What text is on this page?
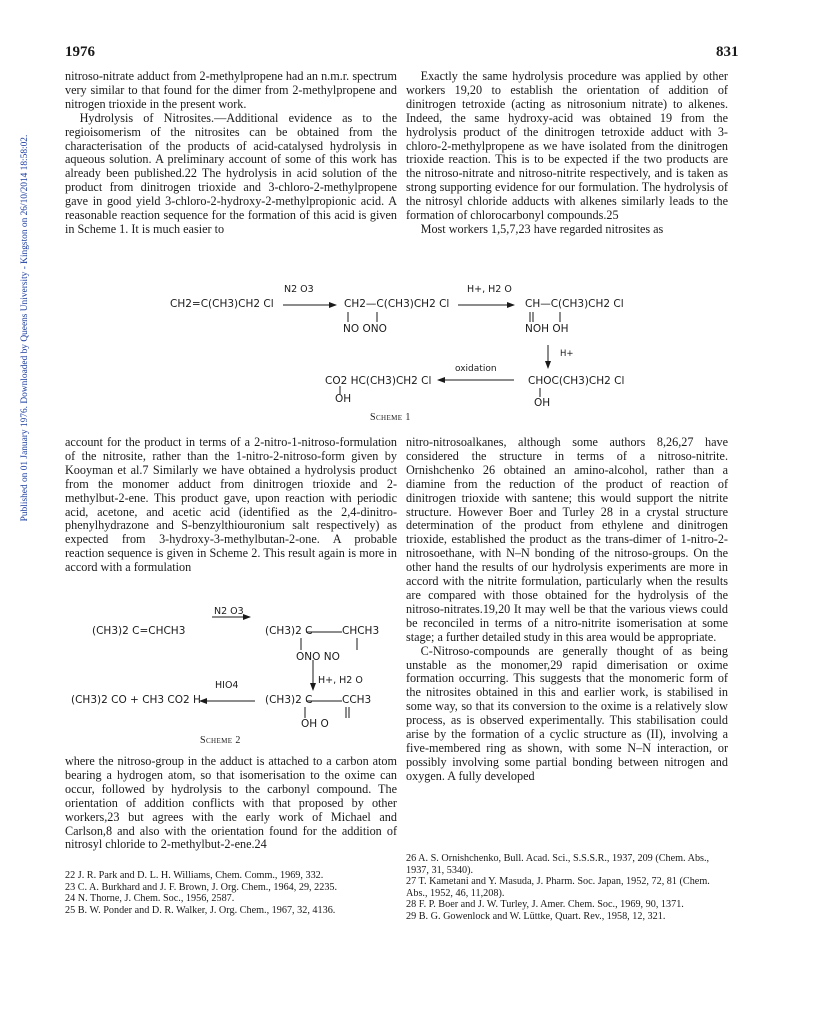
Published on 01 January 1976. Downloaded by Queens University - Kingston on 26/10/2014 18:58:02.
1976	831

nitroso-nitrate adduct from 2-methylpropene had an n.m.r. spectrum very similar to that found for the dimer from 2-methylpropene and nitrogen trioxide in the present work.

Hydrolysis of Nitrosites.—Additional evidence as to the regioisomerism of the nitrosites can be obtained from the characterisation of the products of acid-catalysed hydrolysis in aqueous solution. A preliminary account of some of this work has already been published.22 The hydrolysis in acid solution of the product from dinitrogen trioxide and 3-chloro-2-methylpropene gave in good yield 3-chloro-2-hydroxy-2-methylpropionic acid. A reasonable reaction sequence for the formation of this acid is given in Scheme 1. It is much easier to

Exactly the same hydrolysis procedure was applied by other workers 19,20 to establish the orientation of addition of dinitrogen tetroxide (acting as nitrosonium nitrate) to alkenes. Indeed, the same hydroxy-acid was obtained 19 from the hydrolysis product of the dinitrogen tetroxide adduct with 3-chloro-2-methylpropene as we have isolated from the dinitrogen trioxide reaction. This is to be expected if the two products are the nitroso-nitrate and nitroso-nitrite respectively, and is taken as strong supporting evidence for our formulation. The hydrolysis of the nitrosyl chloride adducts with alkenes similarly leads to the formation of chlorocarbonyl compounds.25

Most workers 1,5,7,23 have regarded nitrosites as

CH2=C(CH3)CH2 Cl
N2 O3
CH2—C(CH3)CH2 Cl
NO ONO
H+, H2 O
CH—C(CH3)CH2 Cl
NOH OH
H+
CHOC(CH3)CH2 Cl
OH
oxidation
CO2 HC(CH3)CH2 Cl
OH
Scheme 1
(CH3)2 C=CHCH3
N2 O3
(CH3)2 C	CHCH3
ONO NO
H+, H2 O
HIO4
(CH3)2 CO + CH3 CO2 H	(CH3)2 C	CCH3
OH O
Scheme 2

account for the product in terms of a 2-nitro-1-nitroso-formulation of the nitrosite, rather than the 1-nitro-2-nitroso-form given by Kooyman et al.7 Similarly we have obtained a hydrolysis product from the monomer adduct from dinitrogen trioxide and 2-methylbut-2-ene. This product gave, upon reaction with periodic acid, acetone, and acetic acid (identified as the 2,4-dinitro-phenylhydrazone and S-benzylthiouronium salt respectively) as expected from 3-hydroxy-3-methylbutan-2-one. A probable reaction sequence is given in Scheme 2. This result again is more in accord with a formulation

where the nitroso-group in the adduct is attached to a carbon atom bearing a hydrogen atom, so that isomerisation to the oxime can occur, followed by hydrolysis to the carbonyl compound. The orientation of addition conflicts with that proposed by other workers,23 but agrees with the early work of Michael and Carlson,8 and also with the orientation found for the addition of nitrosyl chloride to 2-methylbut-2-ene.24

nitro-nitrosoalkanes, although some authors 8,26,27 have considered the structure in terms of a nitroso-nitrite. Ornishchenko 26 obtained an amino-alcohol, rather than a diamine from the reduction of the product of reaction of dinitrogen trioxide with santene; this would support the nitrite structure. However Boer and Turley 28 in a crystal structure determination of the product from ethylene and dinitrogen trioxide, established the product as the trans-dimer of 1-nitro-2-nitrosoethane, with N–N bonding of the nitroso-groups. On the other hand the results of our hydrolysis experiments are more in accord with the nitrite formulation, particularly when the results are compared with those obtained for the hydrolysis of the nitroso-nitrates.19,20 It may well be that the various views could be reconciled in terms of a nitro-nitrite isomerisation at some stage; a further detailed study in this area would be appropriate.

C-Nitroso-compounds are generally thought of as being unstable as the monomer,29 rapid dimerisation or oxime formation occurring. This suggests that the monomeric form of the nitrosites obtained in this and earlier work, is stabilised in some way, so that its conversion to the oxime is a relatively slow process, as is observed experimentally. This stabilisation could arise by the formation of a cyclic structure as (II), involving a five-membered ring as shown, with some N–N interaction, or possibly involving some partial bonding between nitrogen and oxygen. A fully developed

22 J. R. Park and D. L. H. Williams, Chem. Comm., 1969, 332.

23 C. A. Burkhard and J. F. Brown, J. Org. Chem., 1964, 29, 2235.

24 N. Thorne, J. Chem. Soc., 1956, 2587.

25 B. W. Ponder and D. R. Walker, J. Org. Chem., 1967, 32, 4136.

26 A. S. Ornishchenko, Bull. Acad. Sci., S.S.S.R., 1937, 209 (Chem. Abs., 1937, 31, 5340).

27 T. Kametani and Y. Masuda, J. Pharm. Soc. Japan, 1952, 72, 81 (Chem. Abs., 1952, 46, 11,208).

28 F. P. Boer and J. W. Turley, J. Amer. Chem. Soc., 1969, 90, 1371.

29 B. G. Gowenlock and W. Lüttke, Quart. Rev., 1958, 12, 321.
